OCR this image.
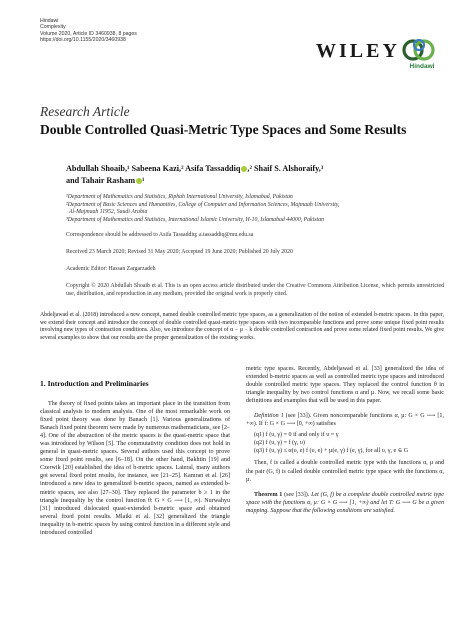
Hindawi
Complexity
Volume 2020, Article ID 3460938, 8 pages
https://doi.org/10.1155/2020/3460938	WILEY
Hindawi
Research Article
Double Controlled Quasi-Metric Type Spaces and Some Results
Abdullah Shoaib,¹ Sabeena Kazi,² Asifa Tassaddiq ,² Shaif S. Alshoraify,³
and Tahair Rasham ¹
¹Department of Mathematics and Statistics, Riphah International University, Islamabad, Pakistan
²Department of Basic Sciences and Humanities, College of Computer and Information Sciences, Majmaah University,
Al-Majmaah 11952, Saudi Arabia
³Department of Mathematics and Statistics, International Islamic University, H-10, Islamabad 44000, Pakistan
Correspondence should be addressed to Asifa Tassaddiq; a.tassaddiq@mu.edu.sa
Received 23 March 2020; Revised 31 May 2020; Accepted 19 June 2020; Published 20 July 2020
Academic Editor: Hassan Zargarzadeh
Copyright © 2020 Abdullah Shoaib et al. This is an open access article distributed under the Creative Commons Attribution License, which permits unrestricted use, distribution, and reproduction in any medium, provided the original work is properly cited.
Abdeljawad et al. (2018) introduced a new concept, named double controlled metric type spaces, as a generalization of the notion of extended b-metric spaces. In this paper, we extend their concept and introduce the concept of double controlled quasi-metric type spaces with two incomparable functions and prove some unique fixed point results involving new types of contraction conditions. Also, we introduce the concept of α − µ − k double controlled contraction and prove some related fixed point results. We give several examples to show that our results are the proper generalization of the existing works.
1. Introduction and Preliminaries

The theory of fixed points takes an important place in the transition from classical analysis to modern analysis. One of the most remarkable work on fixed point theory was done by Banach [1]. Various generalizations of Banach fixed point theorem were made by numerous mathematicians, see [2–4]. One of the abstraction of the metric spaces is the quasi-metric space that was introduced by Wilson [5]. The commutativity condition does not hold in general in quasi-metric spaces. Several authors used this concept to prove some fixed point results, see [6–18]. On the other hand, Bakhtin [19] and Czerwik [20] established the idea of b-metric spaces. Lateral, many authors got several fixed point results, for instance, see [21–25]. Kamran et al. [26] introduced a new idea to generalized b-metric spaces, named as extended b-metric spaces, see also [27–30]. They replaced the parameter b ≥ 1 in the triangle inequality by the control function θ: G × G ⟶ [1, ∞). Nurwahyu [31] introduced dislocated quasi-extended b-metric space and obtained several fixed point results. Mlaiki et al. [32] generalized the triangle inequality in b-metric spaces by using control function in a different style and introduced controlled

metric type spaces. Recently, Abdeljawad et al. [33] generalized the idea of extended b-metric spaces as well as controlled metric type spaces and introduced double controlled metric type spaces. They replaced the control function θ in triangle inequality by two control functions α and µ. Now, we recall some basic definitions and examples that will be used in this paper.

Definition 1 (see [33]). Given noncomparable functions α, µ: G × G ⟶ [1, +∞). If f: G × G ⟶ [0, +∞) satisfies

(q1) f (υ, γ) = 0 if and only if υ = γ
(q2) f (υ, γ) = f (γ, υ)
(q3) f (υ, γ) ≤ α(υ, e) f (υ, e) + µ(e, γ) f (e, γ), for all υ, γ, e ∈ G

Then, f is called a double controlled metric type with the functions α, µ and the pair (G, f) is called double controlled metric type space with the functions α, µ.

Theorem 1 (see [33]). Let (G, f) be a complete double controlled metric type space with the functions α, µ: G × G ⟶ [1, +∞) and let T: G ⟶ G be a given mapping. Suppose that the following conditions are satisfied.
